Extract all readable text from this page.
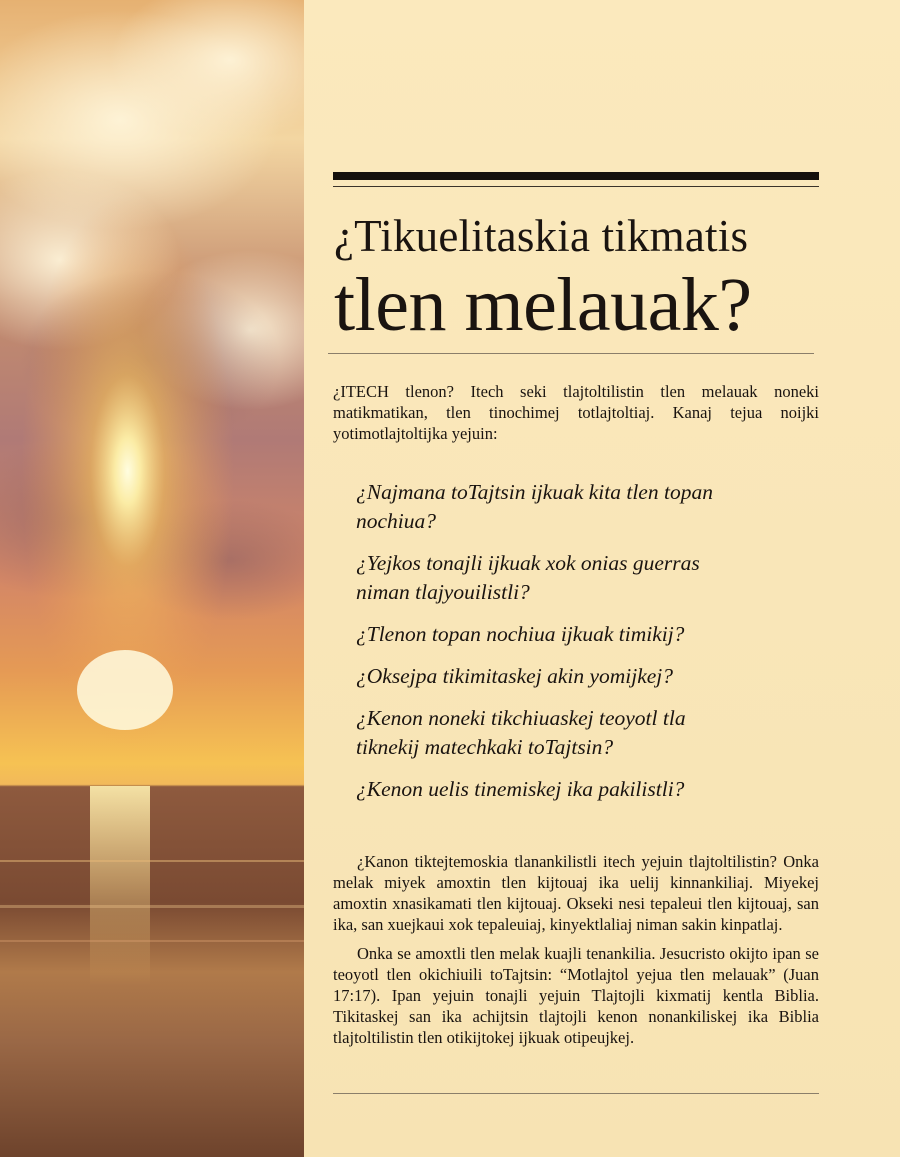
¿Tikuelitaskia tikmatis
tlen melauak?
¿ITECH tlenon? Itech seki tlajtoltilistin tlen melauak noneki matikmatikan, tlen tinochimej totlajtoltiaj. Kanaj tejua noijki yotimotlajtoltijka yejuin:
¿Najmana toTajtsin ijkuak kita tlen topan
nochiua?
¿Yejkos tonajli ijkuak xok onias guerras
niman tlajyouilistli?
¿Tlenon topan nochiua ijkuak timikij?
¿Oksejpa tikimitaskej akin yomijkej?
¿Kenon noneki tikchiuaskej teoyotl tla
tiknekij matechkaki toTajtsin?
¿Kenon uelis tinemiskej ika pakilistli?

¿Kanon tiktejtemoskia tlanankilistli itech yejuin tlajtoltilistin? Onka melak miyek amoxtin tlen kijtouaj ika uelij kinnankiliaj. Miyekej amoxtin xnasikamati tlen kijtouaj. Okseki nesi tepaleui tlen kijtouaj, san ika, san xuejkaui xok tepaleuiaj, kinyektlaliaj niman sakin kinpatlaj.

Onka se amoxtli tlen melak kuajli tenankilia. Jesucristo okijto ipan se teoyotl tlen okichiuili toTajtsin: “Motlajtol yejua tlen melauak” (Juan 17:17). Ipan yejuin tonajli yejuin Tlajtojli kixmatij kentla Biblia. Tikitaskej san ika achijtsin tlajtojli kenon nonankiliskej ika Biblia tlajtoltilistin tlen otikijtokej ijkuak otipeujkej.
